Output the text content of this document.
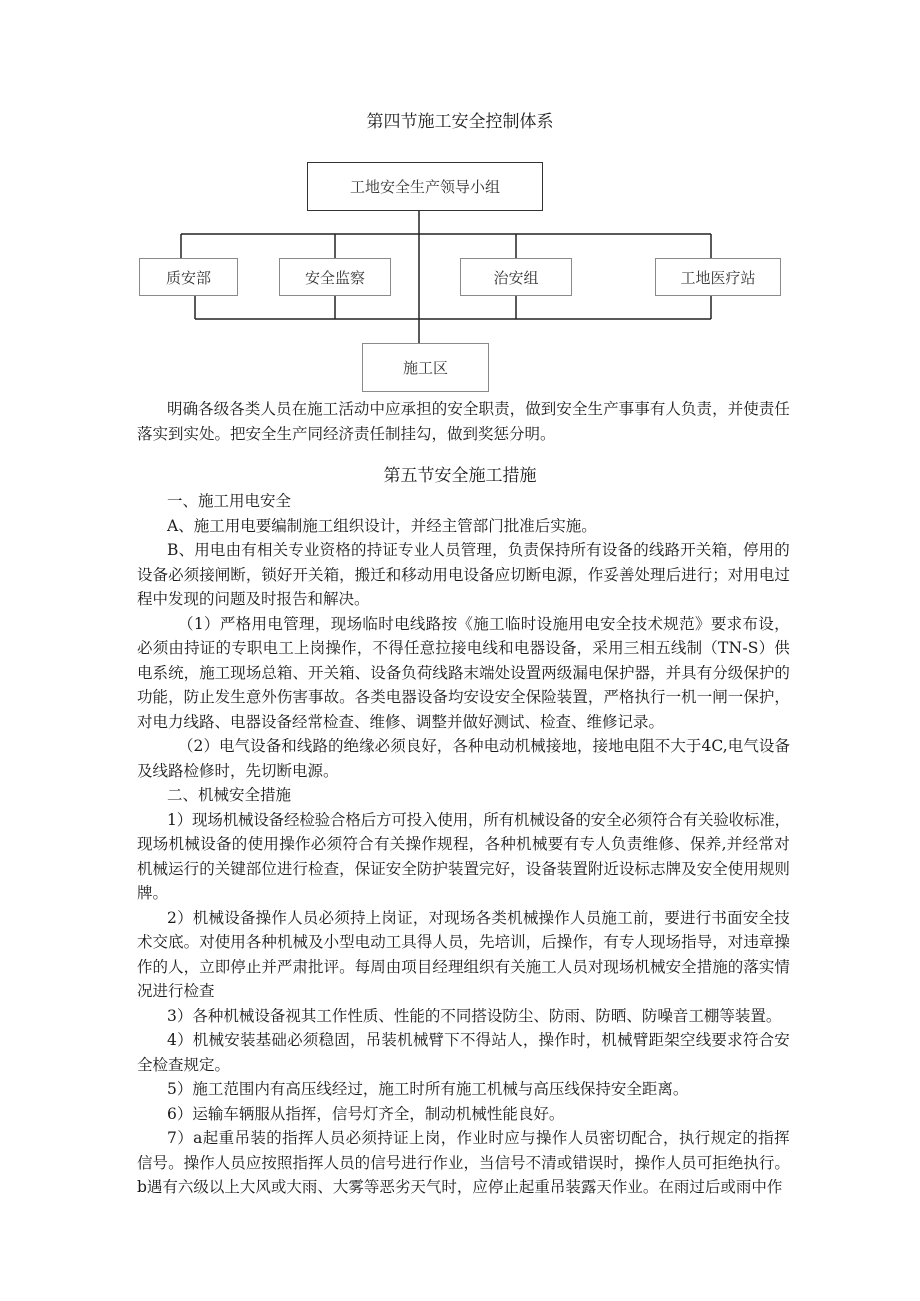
第四节施工安全控制体系
工地安全生产领导小组
质安部	安全监察	治安组	工地医疗站
施工区
明确各级各类人员在施工活动中应承担的安全职责，做到安全生产事事有人负责，并使责任
落实到实处。把安全生产同经济责任制挂勾，做到奖惩分明。
第五节安全施工措施
一、施工用电安全
A、施工用电要编制施工组织设计，并经主管部门批准后实施。
B、用电由有相关专业资格的持证专业人员管理，负责保持所有设备的线路开关箱，停用的
设备必须接闸断，锁好开关箱，搬迁和移动用电设备应切断电源，作妥善处理后进行；对用电过
程中发现的问题及时报告和解决。
（1）严格用电管理，现场临时电线路按《施工临时设施用电安全技术规范》要求布设，
必须由持证的专职电工上岗操作，不得任意拉接电线和电器设备，采用三相五线制（TN-S）供
电系统，施工现场总箱、开关箱、设备负荷线路末端处设置两级漏电保护器，并具有分级保护的
功能，防止发生意外伤害事故。各类电器设备均安设安全保险装置，严格执行一机一闸一保护，
对电力线路、电器设备经常检查、维修、调整并做好测试、检查、维修记录。
（2）电气设备和线路的绝缘必须良好，各种电动机械接地，接地电阻不大于4C,电气设备
及线路检修时，先切断电源。
二、机械安全措施
1）现场机械设备经检验合格后方可投入使用，所有机械设备的安全必须符合有关验收标准，
现场机械设备的使用操作必须符合有关操作规程，各种机械要有专人负责维修、保养,并经常对
机械运行的关键部位进行检查，保证安全防护装置完好，设备装置附近设标志牌及安全使用规则
牌。
2）机械设备操作人员必须持上岗证，对现场各类机械操作人员施工前，要进行书面安全技
术交底。对使用各种机械及小型电动工具得人员，先培训，后操作，有专人现场指导，对违章操
作的人，立即停止并严肃批评。每周由项目经理组织有关施工人员对现场机械安全措施的落实情
况进行检查
3）各种机械设备视其工作性质、性能的不同搭设防尘、防雨、防晒、防噪音工棚等装置。
4）机械安装基础必须稳固，吊装机械臂下不得站人，操作时，机械臂距架空线要求符合安
全检查规定。
5）施工范围内有高压线经过，施工时所有施工机械与高压线保持安全距离。
6）运输车辆服从指挥，信号灯齐全，制动机械性能良好。
7）a起重吊装的指挥人员必须持证上岗，作业时应与操作人员密切配合，执行规定的指挥
信号。操作人员应按照指挥人员的信号进行作业，当信号不清或错误时，操作人员可拒绝执行。
b遇有六级以上大风或大雨、大雾等恶劣天气时，应停止起重吊装露天作业。在雨过后或雨中作
